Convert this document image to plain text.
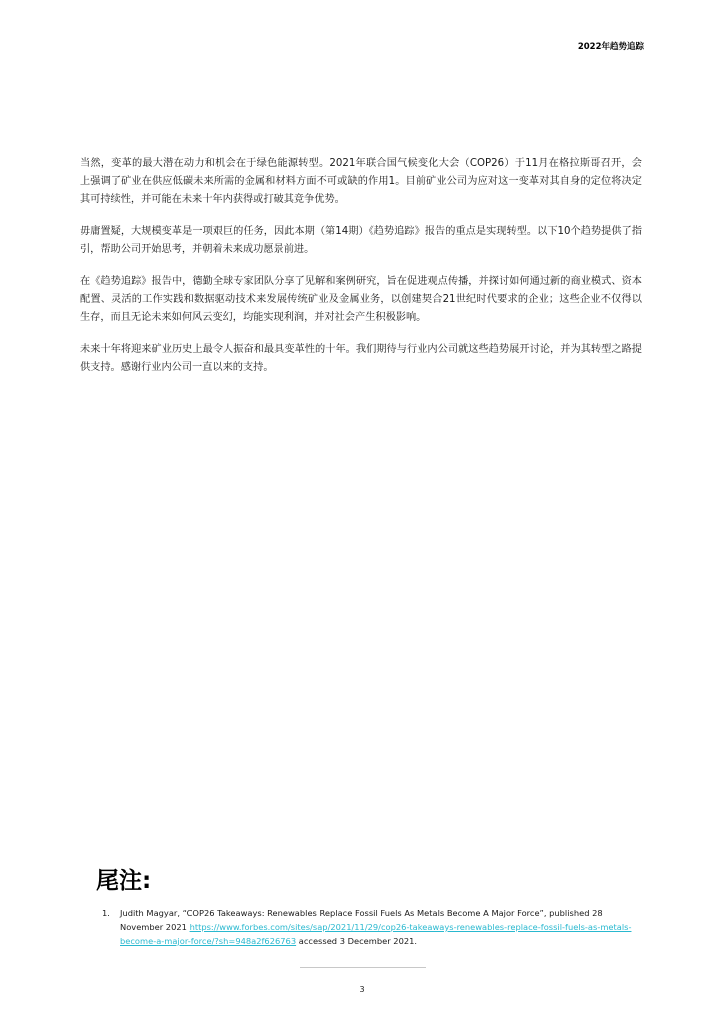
2022年趋势追踪

当然，变革的最大潜在动力和机会在于绿色能源转型。2021年联合国气候变化大会（COP26）于11月在格拉斯哥召开，会上强调了矿业在供应低碳未来所需的金属和材料方面不可或缺的作用1。目前矿业公司为应对这一变革对其自身的定位将决定其可持续性，并可能在未来十年内获得或打破其竞争优势。

毋庸置疑，大规模变革是一项艰巨的任务，因此本期（第14期）《趋势追踪》报告的重点是实现转型。以下10个趋势提供了指引，帮助公司开始思考，并朝着未来成功愿景前进。

在《趋势追踪》报告中，德勤全球专家团队分享了见解和案例研究，旨在促进观点传播，并探讨如何通过新的商业模式、资本配置、灵活的工作实践和数据驱动技术来发展传统矿业及金属业务，以创建契合21世纪时代要求的企业；这些企业不仅得以生存，而且无论未来如何风云变幻，均能实现利润，并对社会产生积极影响。

未来十年将迎来矿业历史上最令人振奋和最具变革性的十年。我们期待与行业内公司就这些趋势展开讨论，并为其转型之路提供支持。感谢行业内公司一直以来的支持。

尾注:
1.	Judith Magyar, “COP26 Takeaways: Renewables Replace Fossil Fuels As Metals Become A Major Force”, published 28 November 2021 https://www.forbes.com/sites/sap/2021/11/29/cop26-takeaways-renewables-replace-fossil-fuels-as-metals-become-a-major-force/?sh=948a2f626763 accessed 3 December 2021.
3
